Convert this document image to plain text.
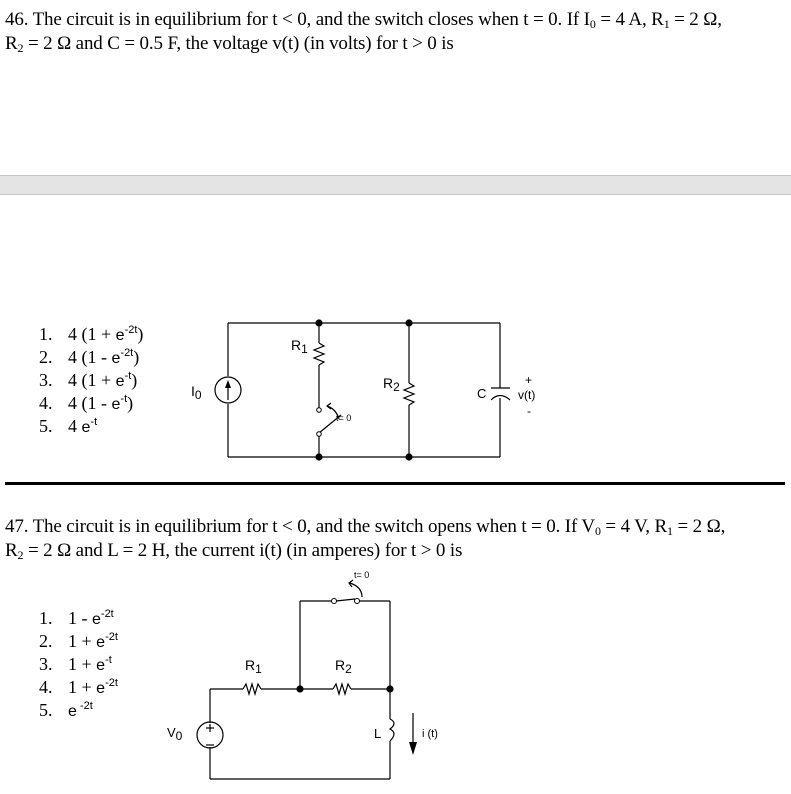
46. The circuit is in equilibrium for t < 0, and the switch closes when t = 0. If $I_0 = 4$ A, $R_1 = 2$ Ω,
$R_2 = 2$ Ω and C = 0.5 F, the voltage v(t) (in volts) for t > 0 is
1. 4 $(1 + e^{-2t})$
2. 4 $(1 - e^{-2t})$
3. 4 $(1 + e^{-t})$
4. 4 $(1 - e^{-t})$
5. 4 $e^{-t}$
I0
R1
R2	C
t= 0
+
v(t)
-
47. The circuit is in equilibrium for t < 0, and the switch opens when t = 0. If $V_0 = 4$ V, $R_1 = 2$ Ω,
$R_2 = 2$ Ω and L = 2 H, the current i(t) (in amperes) for t > 0 is
1. $1 - e^{-2t}$
2. $1 + e^{-2t}$
3. $1 + e^{-t}$
4. $1 + e^{-2t}$
5. e $^{-2t}$
t= 0
R1	R2
V0	L	i (t)
